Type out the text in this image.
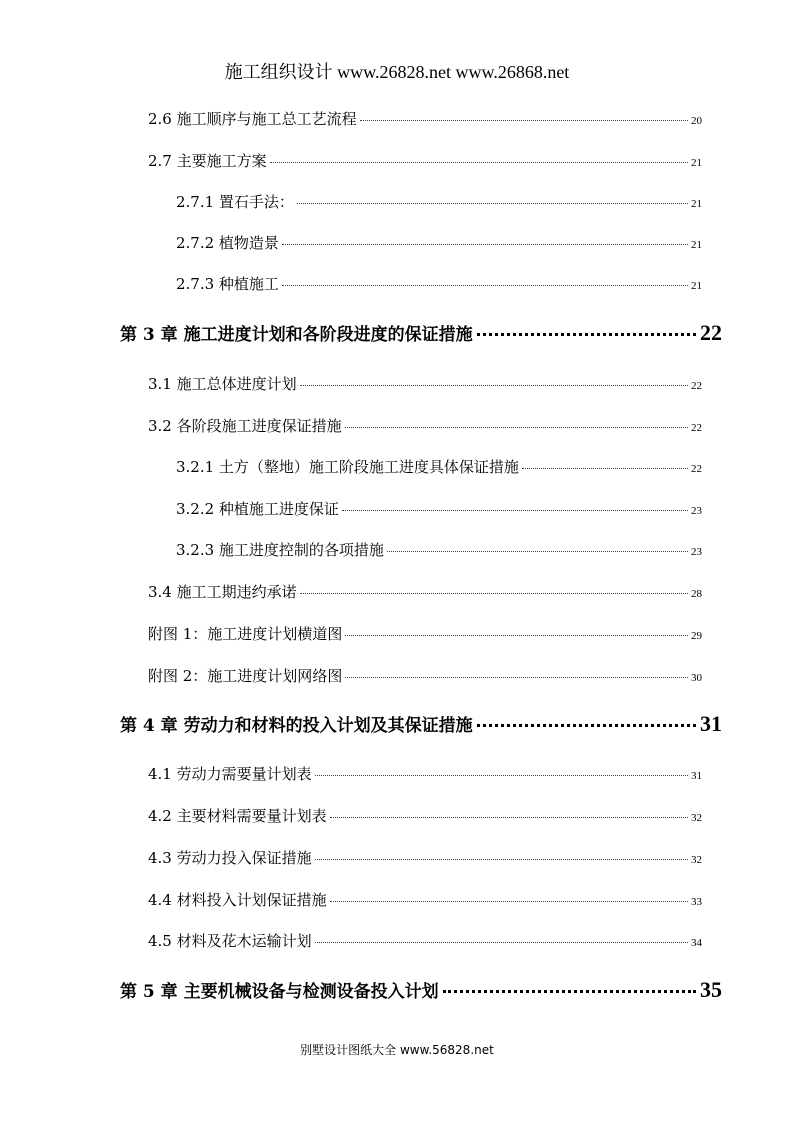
施工组织设计 www.26828.net www.26868.net
2.6 施工顺序与施工总工艺流程	20
2.7 主要施工方案	21
2.7.1 置石手法：	21
2.7.2 植物造景	21
2.7.3 种植施工	21
第 3 章 施工进度计划和各阶段进度的保证措施	22
3.1 施工总体进度计划	22
3.2 各阶段施工进度保证措施	22
3.2.1 土方（整地）施工阶段施工进度具体保证措施	22
3.2.2 种植施工进度保证	23
3.2.3 施工进度控制的各项措施	23
3.4 施工工期违约承诺	28
附图 1：施工进度计划横道图	29
附图 2：施工进度计划网络图	30
第 4 章 劳动力和材料的投入计划及其保证措施	31
4.1 劳动力需要量计划表	31
4.2 主要材料需要量计划表	32
4.3 劳动力投入保证措施	32
4.4 材料投入计划保证措施	33
4.5 材料及花木运输计划	34
第 5 章 主要机械设备与检测设备投入计划	35
别墅设计图纸大全 www.56828.net
